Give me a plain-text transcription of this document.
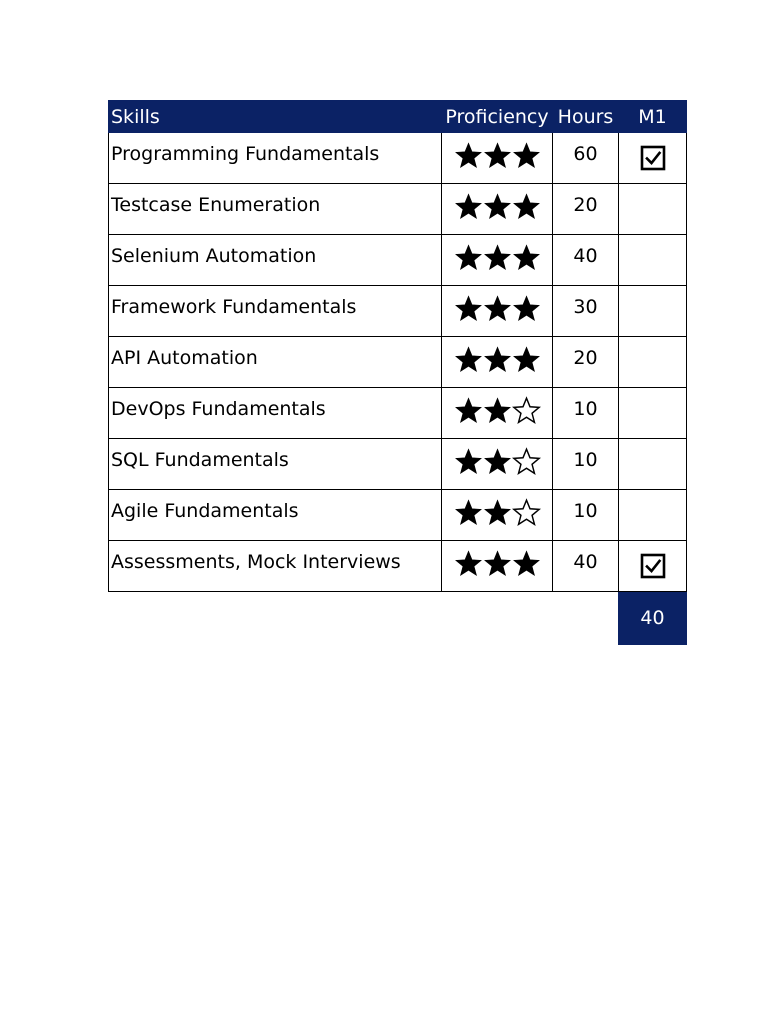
Skills	Proficiency	Hours	M1
Programming Fundamentals		60	
Testcase Enumeration		20	
Selenium Automation		40	
Framework Fundamentals		30	
API Automation		20	
DevOps Fundamentals		10	
SQL Fundamentals		10	
Agile Fundamentals		10	
Assessments, Mock Interviews		40	
			40
